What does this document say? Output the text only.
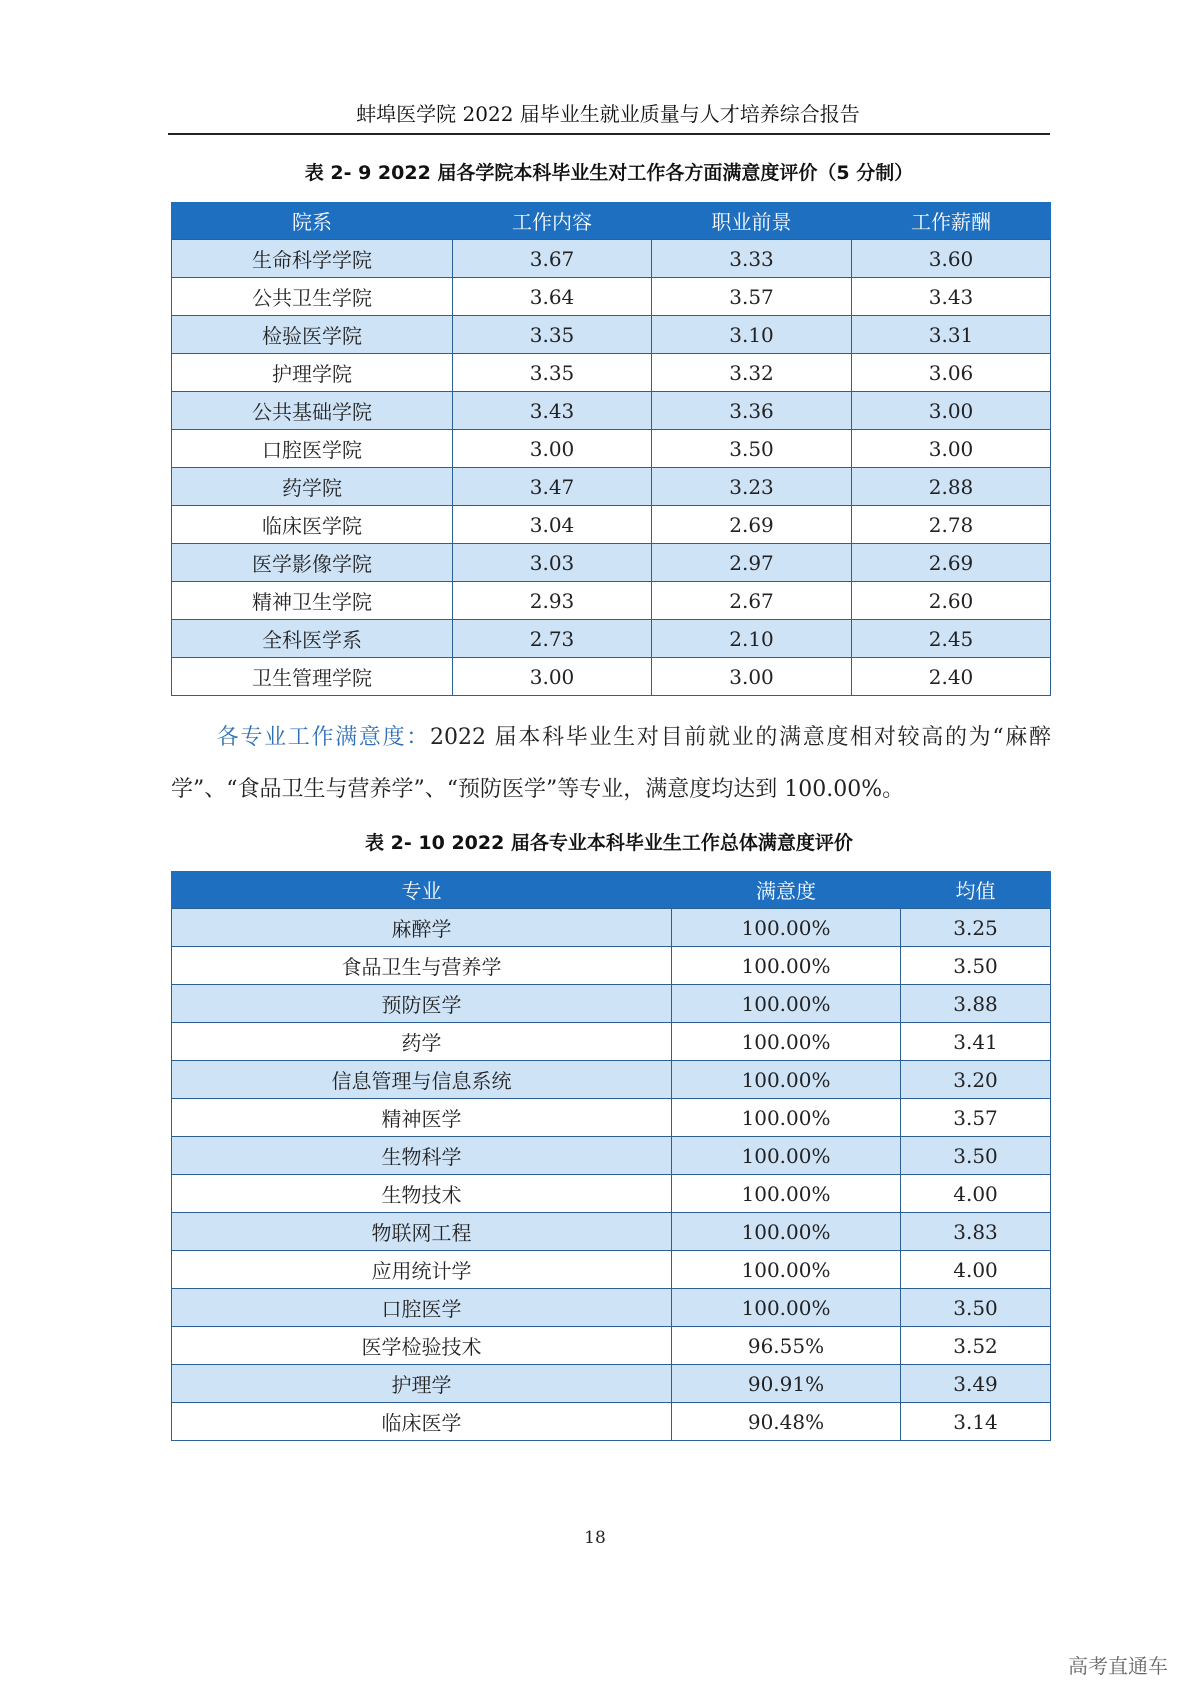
蚌埠医学院 2022 届毕业生就业质量与人才培养综合报告
表 2- 9 2022 届各学院本科毕业生对工作各方面满意度评价（5 分制）
院系	工作内容	职业前景	工作薪酬
生命科学学院	3.67	3.33	3.60
公共卫生学院	3.64	3.57	3.43
检验医学院	3.35	3.10	3.31
护理学院	3.35	3.32	3.06
公共基础学院	3.43	3.36	3.00
口腔医学院	3.00	3.50	3.00
药学院	3.47	3.23	2.88
临床医学院	3.04	2.69	2.78
医学影像学院	3.03	2.97	2.69
精神卫生学院	2.93	2.67	2.60
全科医学系	2.73	2.10	2.45
卫生管理学院	3.00	3.00	2.40
  各专业工作满意度：2022 届本科毕业生对目前就业的满意度相对较高的为“麻醉学”、“食品卫生与营养学”、“预防医学”等专业，满意度均达到 100.00%。
表 2- 10 2022 届各专业本科毕业生工作总体满意度评价
专业	满意度	均值
麻醉学	100.00%	3.25
食品卫生与营养学	100.00%	3.50
预防医学	100.00%	3.88
药学	100.00%	3.41
信息管理与信息系统	100.00%	3.20
精神医学	100.00%	3.57
生物科学	100.00%	3.50
生物技术	100.00%	4.00
物联网工程	100.00%	3.83
应用统计学	100.00%	4.00
口腔医学	100.00%	3.50
医学检验技术	96.55%	3.52
护理学	90.91%	3.49
临床医学	90.48%	3.14
18
高考直通车
